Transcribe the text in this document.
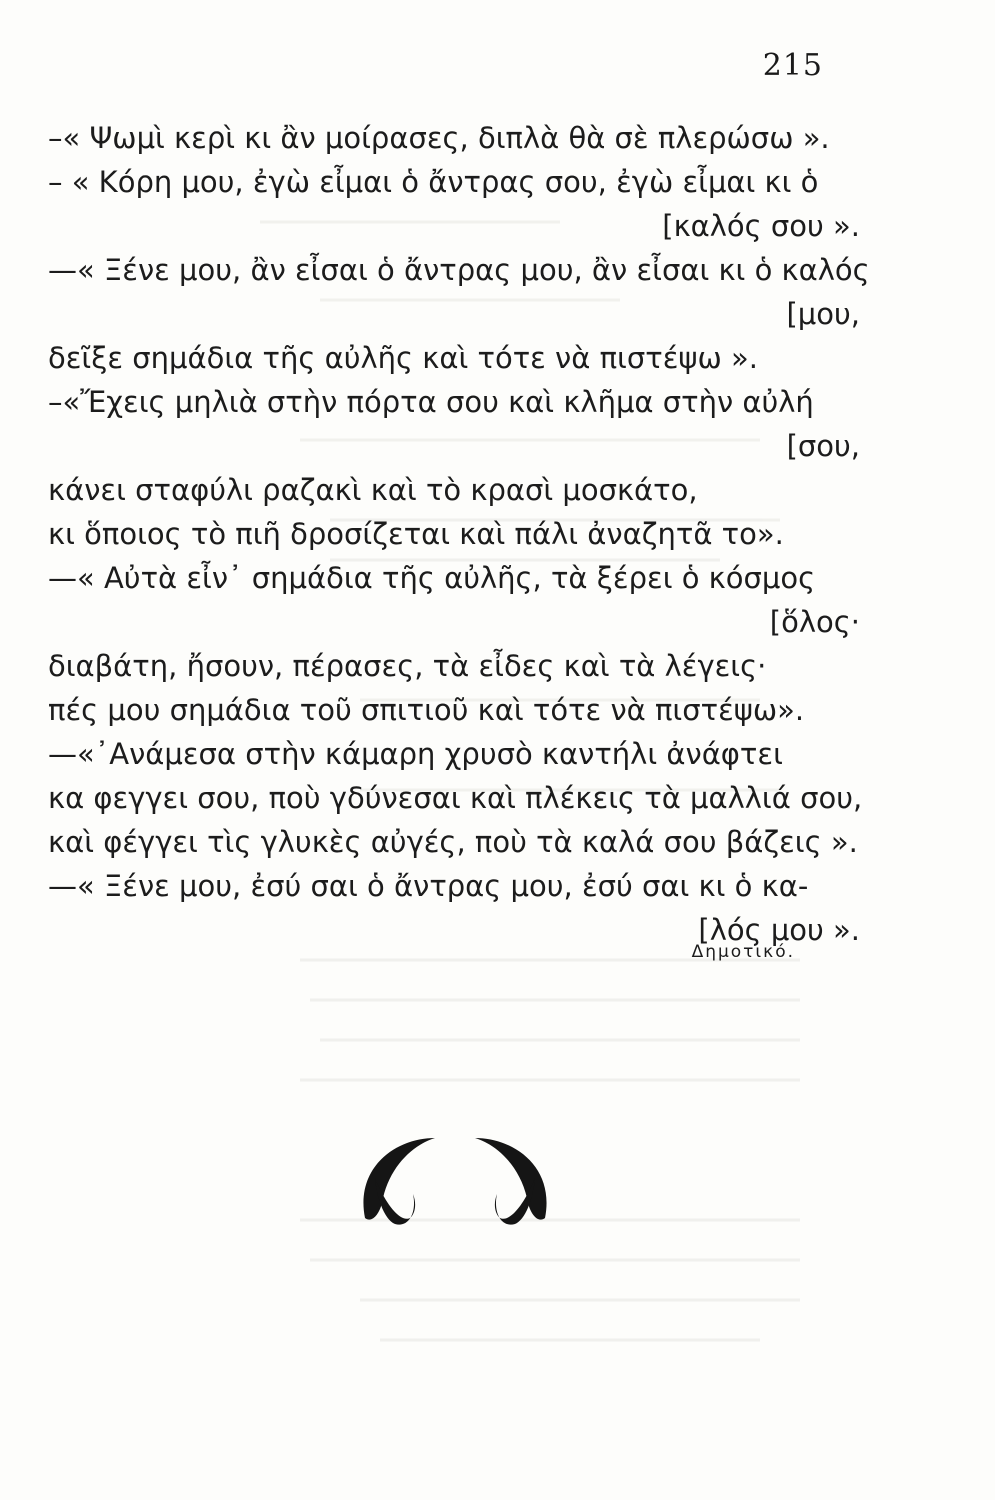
215
–« Ψωμὶ κερὶ κι ἂν μοίρασες, διπλὰ θὰ σὲ πλερώσω ».
– « Κόρη μου, ἐγὼ εἶμαι ὁ ἄντρας σου, ἐγὼ εἶμαι κι ὁ
[καλός σου ».
—« Ξένε μου, ἂν εἶσαι ὁ ἄντρας μου, ἂν εἶσαι κι ὁ καλός
[μου,
δεῖξε σημάδια τῆς αὐλῆς καὶ τότε νὰ πιστέψω ».
–«Ἔχεις μηλιὰ στὴν πόρτα σου καὶ κλῆμα στὴν αὐλή
[σου,
κάνει σταφύλι ραζακὶ καὶ τὸ κρασὶ μοσκάτο,
κι ὅποιος τὸ πιῆ δροσίζεται καὶ πάλι ἀναζητᾶ το».
—« Αὐτὰ εἶν᾽ σημάδια τῆς αὐλῆς, τὰ ξέρει ὁ κόσμος
[ὅλος·
διαβάτη, ἤσουν, πέρασες, τὰ εἶδες καὶ τὰ λέγεις·
πές μου σημάδια τοῦ σπιτιοῦ καὶ τότε νὰ πιστέψω».
—«᾽Ανάμεσα στὴν κάμαρη χρυσὸ καντήλι ἀνάφτει
κα φεγγει σου, ποὺ γδύνεσαι καὶ πλέκεις τὰ μαλλιά σου,
καὶ φέγγει τὶς γλυκὲς αὐγές, ποὺ τὰ καλά σου βάζεις ».
—« Ξένε μου, ἐσύ σαι ὁ ἄντρας μου, ἐσύ σαι κι ὁ κα-
[λός μου ».
Δημοτικό.
